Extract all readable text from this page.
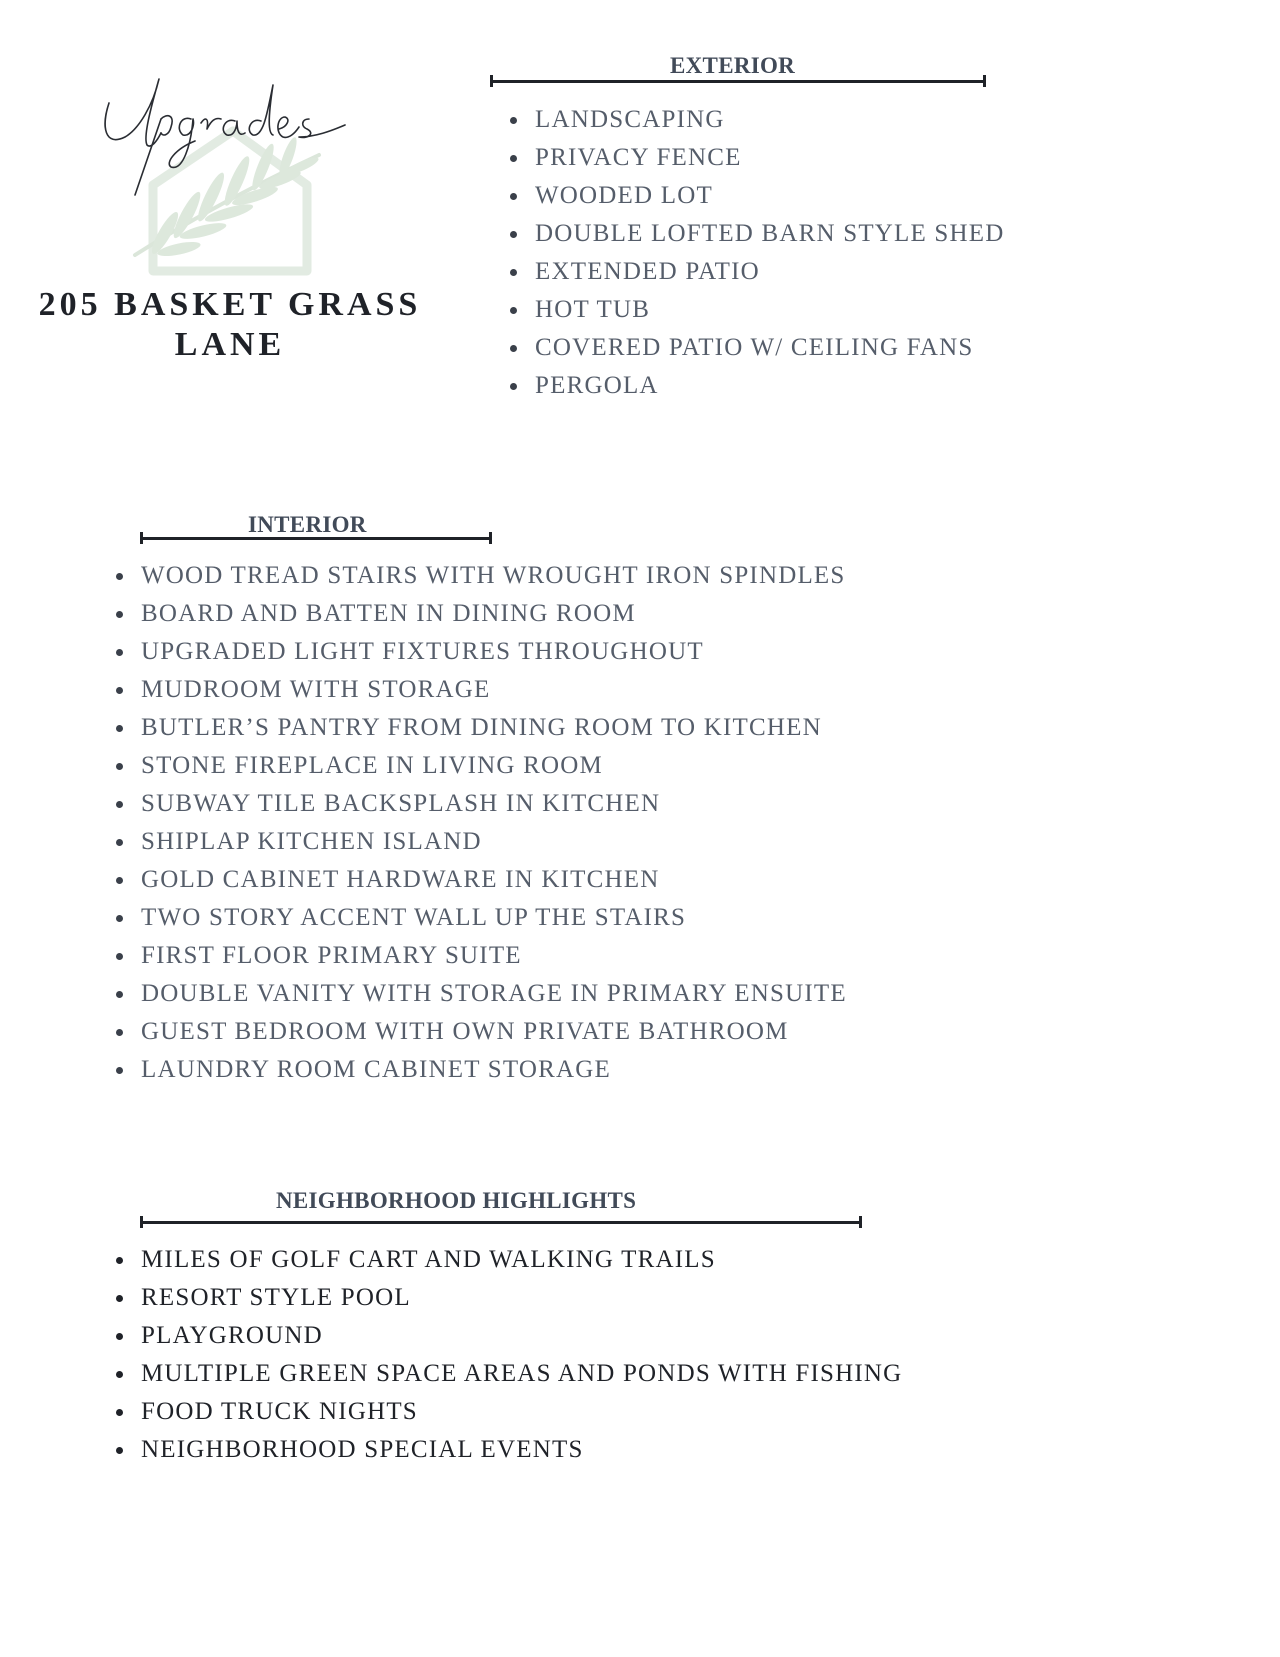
205 BASKET GRASS
LANE
EXTERIOR
LANDSCAPING
PRIVACY FENCE
WOODED LOT
DOUBLE LOFTED BARN STYLE SHED
EXTENDED PATIO
HOT TUB
COVERED PATIO W/ CEILING FANS
PERGOLA
INTERIOR
WOOD TREAD STAIRS WITH WROUGHT IRON SPINDLES
BOARD AND BATTEN IN DINING ROOM
UPGRADED LIGHT FIXTURES THROUGHOUT
MUDROOM WITH STORAGE
BUTLER’S PANTRY FROM DINING ROOM TO KITCHEN
STONE FIREPLACE IN LIVING ROOM
SUBWAY TILE BACKSPLASH IN KITCHEN
SHIPLAP KITCHEN ISLAND
GOLD CABINET HARDWARE IN KITCHEN
TWO STORY ACCENT WALL UP THE STAIRS
FIRST FLOOR PRIMARY SUITE
DOUBLE VANITY WITH STORAGE IN PRIMARY ENSUITE
GUEST BEDROOM WITH OWN PRIVATE BATHROOM
LAUNDRY ROOM CABINET STORAGE
NEIGHBORHOOD HIGHLIGHTS
MILES OF GOLF CART AND WALKING TRAILS
RESORT STYLE POOL
PLAYGROUND
MULTIPLE GREEN SPACE AREAS AND PONDS WITH FISHING
FOOD TRUCK NIGHTS
NEIGHBORHOOD SPECIAL EVENTS
